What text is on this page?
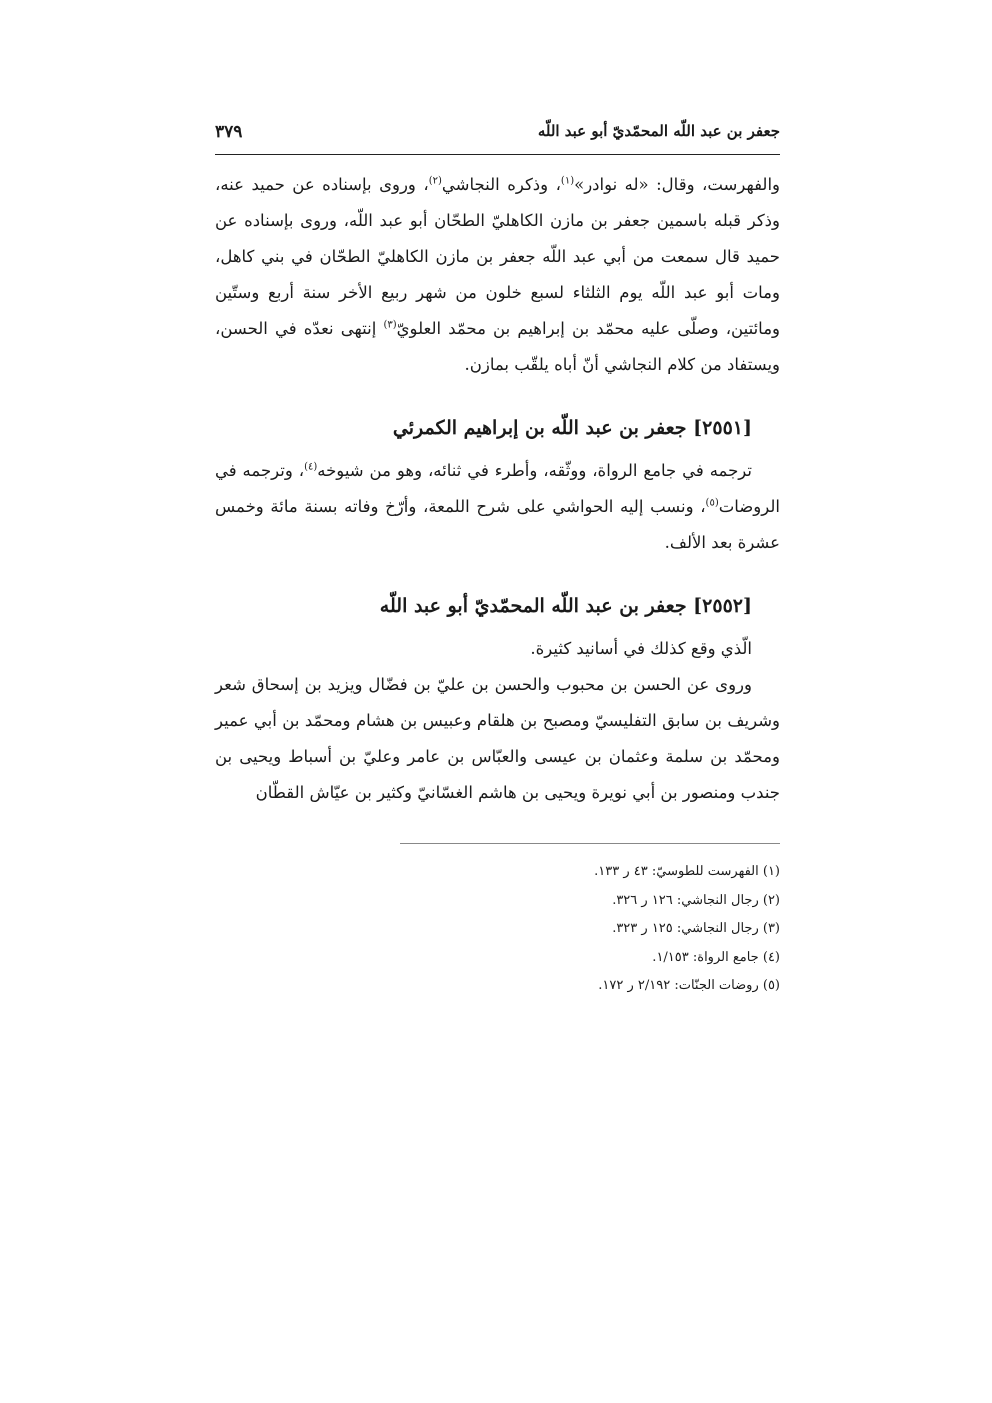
جعفر بن عبد اللّه المحمّديّ أبو عبد اللّه
٣٧٩

والفهرست، وقال: «له نوادر»$^{(١)}$، وذكره النجاشي$^{(٢)}$، وروى بإسناده عن حميد عنه، وذكر قبله باسمين جعفر بن مازن الكاهليّ الطحّان أبو عبد اللّه، وروى بإسناده عن حميد قال سمعت من أبي عبد اللّه جعفر بن مازن الكاهليّ الطحّان في بني كاهل، ومات أبو عبد اللّه يوم الثلثاء لسبع خلون من شهر ربيع الأخر سنة أربع وستّين ومائتين، وصلّى عليه محمّد بن إبراهيم بن محمّد العلويّ$^{(٣)}$ إنتهى نعدّه في الحسن، ويستفاد من كلام النجاشي أنّ أباه يلقّب بمازن.

[٢٥٥١] جعفر بن عبد اللّه بن إبراهيم الكمرئي

ترجمه في جامع الرواة، ووثّقه، وأطرء في ثنائه، وهو من شيوخه$^{(٤)}$، وترجمه في الروضات$^{(٥)}$، ونسب إليه الحواشي على شرح اللمعة، وأرّخ وفاته بسنة مائة وخمس عشرة بعد الألف.

[٢٥٥٢] جعفر بن عبد اللّه المحمّديّ أبو عبد اللّه

الّذي وقع كذلك في أسانيد كثيرة.

وروى عن الحسن بن محبوب والحسن بن عليّ بن فضّال ويزيد بن إسحاق شعر وشريف بن سابق التفليسيّ ومصبح بن هلقام وعبيس بن هشام ومحمّد بن أبي عمير ومحمّد بن سلمة وعثمان بن عيسى والعبّاس بن عامر وعليّ بن أسباط ويحيى بن جندب ومنصور بن أبي نويرة ويحيى بن هاشم الغسّانيّ وكثير بن عيّاش القطّان

(١) الفهرست للطوسيّ: ٤٣ ر ١٣٣.
(٢) رجال النجاشي: ١٢٦ ر ٣٢٦.
(٣) رجال النجاشي: ١٢٥ ر ٣٢٣.
(٤) جامع الرواة: ١/١٥٣.
(٥) روضات الجنّات: ٢/١٩٢ ر ١٧٢.
